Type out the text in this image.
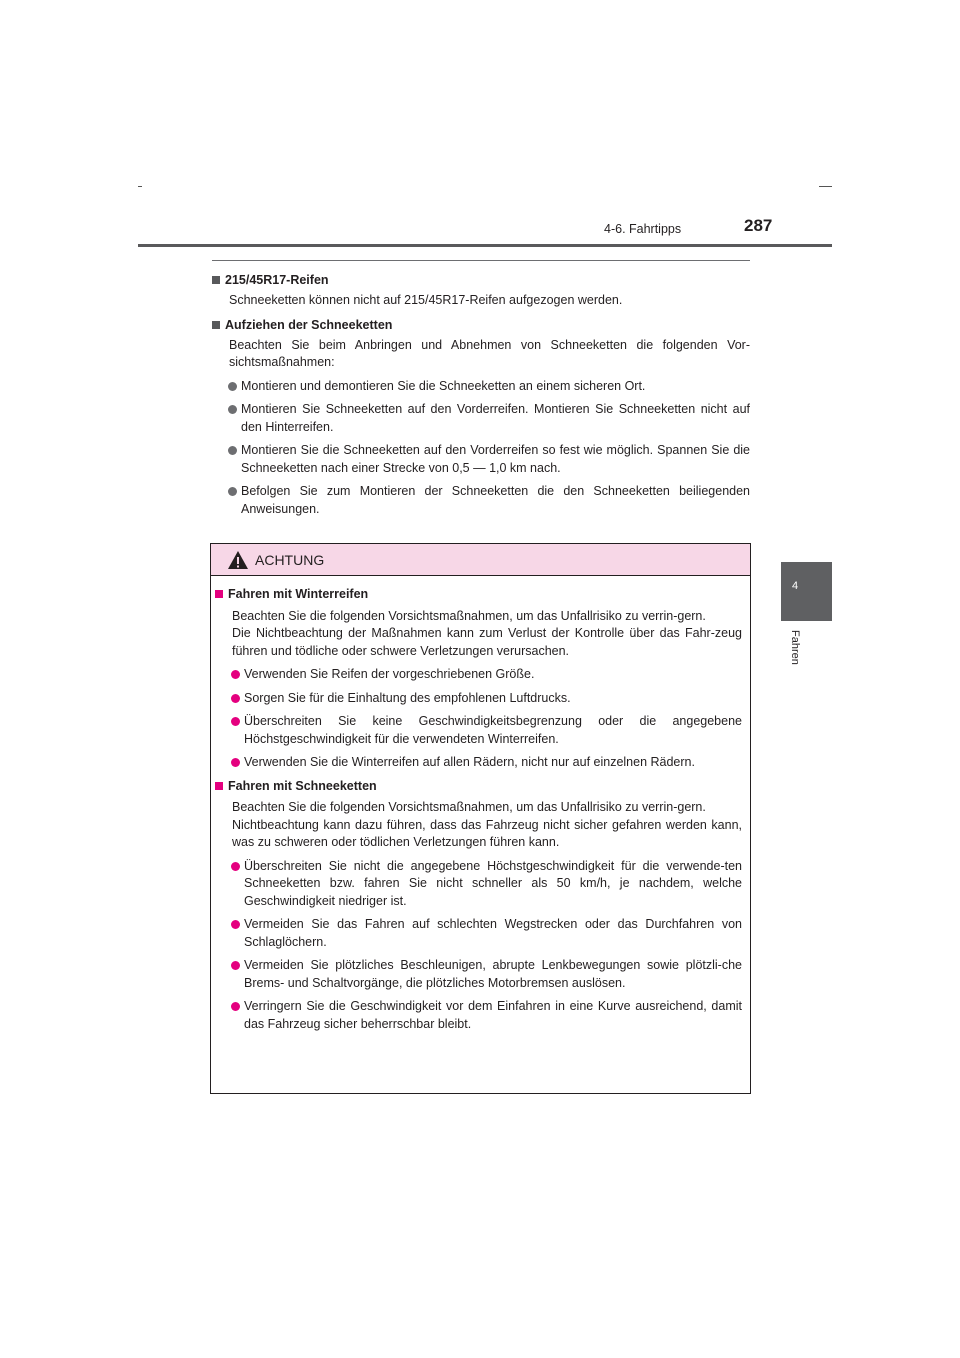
4-6. Fahrtipps	287
4
Fahren
215/45R17-Reifen
Schneeketten können nicht auf 215/45R17-Reifen aufgezogen werden.
Aufziehen der Schneeketten
Beachten Sie beim Anbringen und Abnehmen von Schneeketten die folgenden Vor-sichtsmaßnahmen:
Montieren und demontieren Sie die Schneeketten an einem sicheren Ort.
Montieren Sie Schneeketten auf den Vorderreifen. Montieren Sie Schneeketten nicht auf den Hinterreifen.
Montieren Sie die Schneeketten auf den Vorderreifen so fest wie möglich. Spannen Sie die Schneeketten nach einer Strecke von 0,5 — 1,0 km nach.
Befolgen Sie zum Montieren der Schneeketten die den Schneeketten beiliegenden Anweisungen.
ACHTUNG
Fahren mit Winterreifen
Beachten Sie die folgenden Vorsichtsmaßnahmen, um das Unfallrisiko zu verrin-gern.
Die Nichtbeachtung der Maßnahmen kann zum Verlust der Kontrolle über das Fahr-zeug führen und tödliche oder schwere Verletzungen verursachen.
Verwenden Sie Reifen der vorgeschriebenen Größe.
Sorgen Sie für die Einhaltung des empfohlenen Luftdrucks.
Überschreiten Sie keine Geschwindigkeitsbegrenzung oder die angegebene Höchstgeschwindigkeit für die verwendeten Winterreifen.
Verwenden Sie die Winterreifen auf allen Rädern, nicht nur auf einzelnen Rädern.
Fahren mit Schneeketten
Beachten Sie die folgenden Vorsichtsmaßnahmen, um das Unfallrisiko zu verrin-gern.
Nichtbeachtung kann dazu führen, dass das Fahrzeug nicht sicher gefahren werden kann, was zu schweren oder tödlichen Verletzungen führen kann.
Überschreiten Sie nicht die angegebene Höchstgeschwindigkeit für die verwende-ten Schneeketten bzw. fahren Sie nicht schneller als 50 km/h, je nachdem, welche Geschwindigkeit niedriger ist.
Vermeiden Sie das Fahren auf schlechten Wegstrecken oder das Durchfahren von Schlaglöchern.
Vermeiden Sie plötzliches Beschleunigen, abrupte Lenkbewegungen sowie plötzli-che Brems- und Schaltvorgänge, die plötzliches Motorbremsen auslösen.
Verringern Sie die Geschwindigkeit vor dem Einfahren in eine Kurve ausreichend, damit das Fahrzeug sicher beherrschbar bleibt.
